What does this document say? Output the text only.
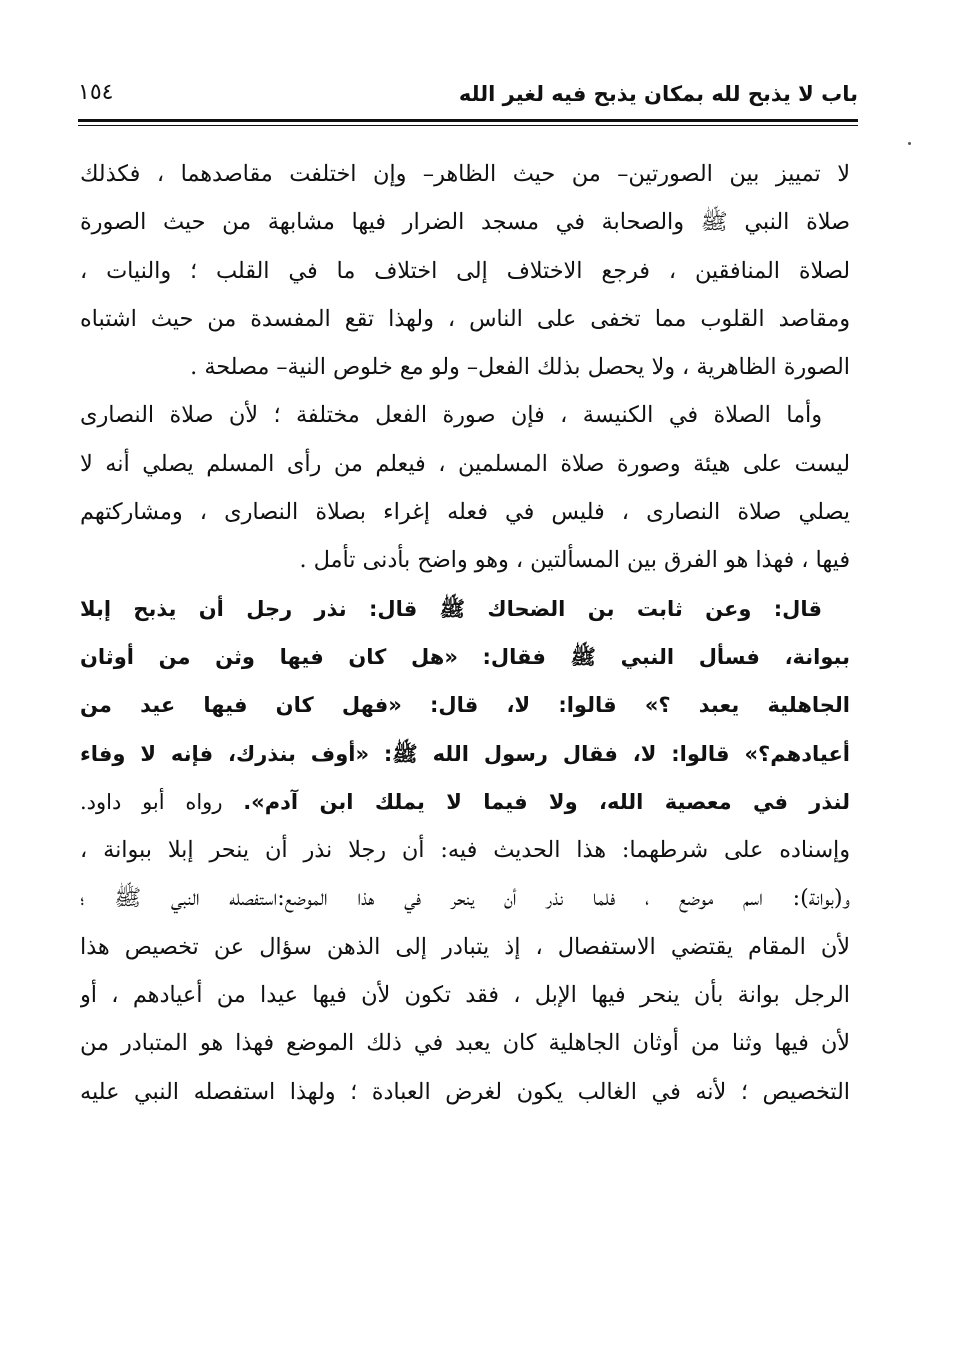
باب لا يذبح لله بمكان يذبح فيه لغير الله
١٥٤
لا تمييز بين الصورتين– من حيث الظاهر– وإن اختلفت مقاصدهما ، فكذلك
صلاة النبي ﷺ والصحابة في مسجد الضرار فيها مشابهة من حيث الصورة
لصلاة المنافقين ، فرجع الاختلاف إلى اختلاف ما في القلب ؛ والنيات ،
ومقاصد القلوب مما تخفى على الناس ، ولهذا تقع المفسدة من حيث اشتباه
الصورة الظاهرية ، ولا يحصل بذلك الفعل– ولو مع خلوص النية– مصلحة .
وأما الصلاة في الكنيسة ، فإن صورة الفعل مختلفة ؛ لأن صلاة النصارى
ليست على هيئة وصورة صلاة المسلمين ، فيعلم من رأى المسلم يصلي أنه لا
يصلي صلاة النصارى ، فليس في فعله إغراء بصلاة النصارى ، ومشاركتهم
فيها ، فهذا هو الفرق بين المسألتين ، وهو واضح بأدنى تأمل .
قال: وعن ثابت بن الضحاك ﷺ قال: نذر رجل أن يذبح إبلا
ببوانة، فسأل النبي ﷺ فقال: «هل كان فيها وثن من أوثان
الجاهلية يعبد ؟» قالوا: لا، قال: «فهل كان فيها عيد من
أعيادهم؟» قالوا: لا، فقال رسول الله ﷺ: «أوف بنذرك، فإنه لا وفاء
لنذر في معصية الله، ولا فيما لا يملك ابن آدم». رواه أبو داود.
وإسناده على شرطهما: هذا الحديث فيه: أن رجلا نذر أن ينحر إبلا ببوانة ،
و(بوانة): اسم موضع ، فلما نذر أن ينحر في هذا الموضع:استفصله النبي ﷺ ؛
لأن المقام يقتضي الاستفصال ، إذ يتبادر إلى الذهن سؤال عن تخصيص هذا
الرجل بوانة بأن ينحر فيها الإبل ، فقد تكون لأن فيها عيدا من أعيادهم ، أو
لأن فيها وثنا من أوثان الجاهلية كان يعبد في ذلك الموضع فهذا هو المتبادر من
التخصيص ؛ لأنه في الغالب يكون لغرض العبادة ؛ ولهذا استفصله النبي عليه
